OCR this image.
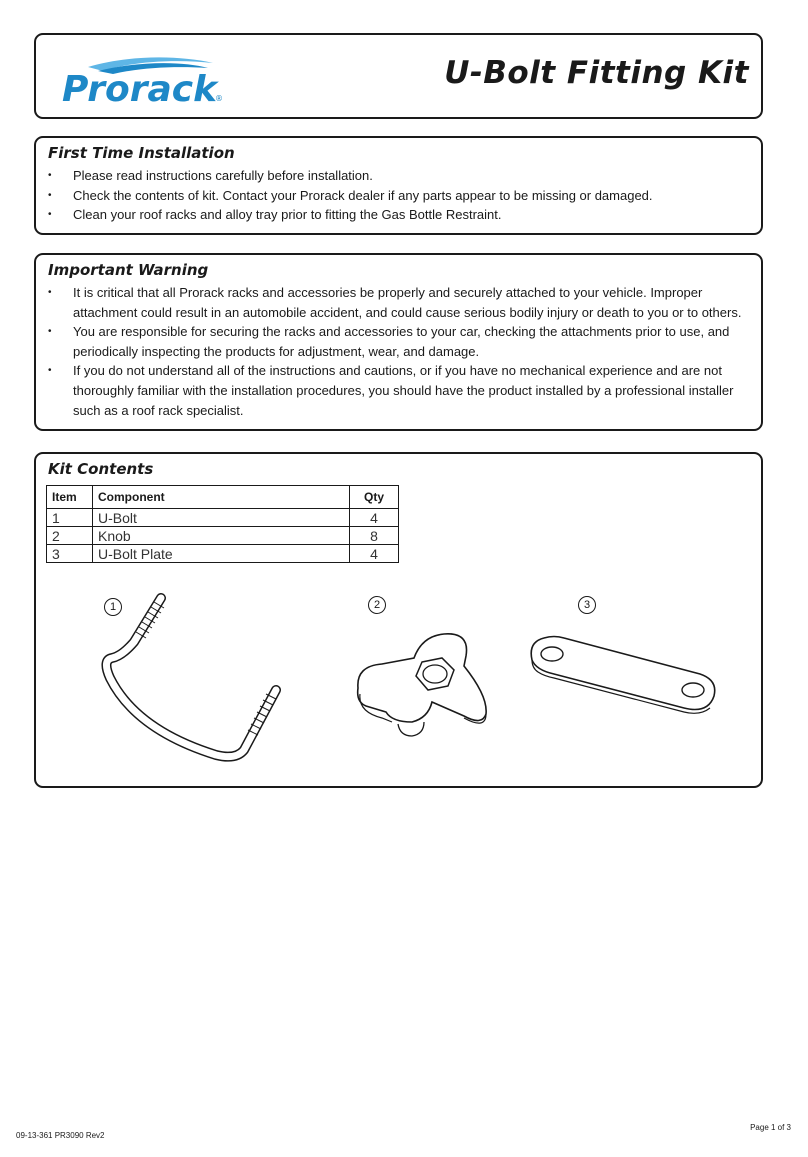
Prorack
®
U-Bolt Fitting Kit
First Time Installation
• Please read instructions carefully before installation.
• Check the contents of kit. Contact your Prorack dealer if any parts appear to be missing or damaged.
• Clean your roof racks and alloy tray prior to fitting the Gas Bottle Restraint.
Important Warning
• It is critical that all Prorack racks and accessories be properly and securely attached to your vehicle. Improper attachment could result in an automobile accident, and could cause serious bodily injury or death to you or to others.
• You are responsible for securing the racks and accessories to your car, checking the attachments prior to use, and periodically inspecting the products for adjustment, wear, and damage.
• If you do not understand all of the instructions and cautions, or if you have no mechanical experience and are not thoroughly familiar with the installation procedures, you should have the product installed by a professional installer such as a roof rack specialist.
Kit Contents
Item	Component	Qty
1	U-Bolt	4
2	Knob	8
3	U-Bolt Plate	4
1	2	3
09-13-361 PR3090 Rev2
Page 1 of 3
